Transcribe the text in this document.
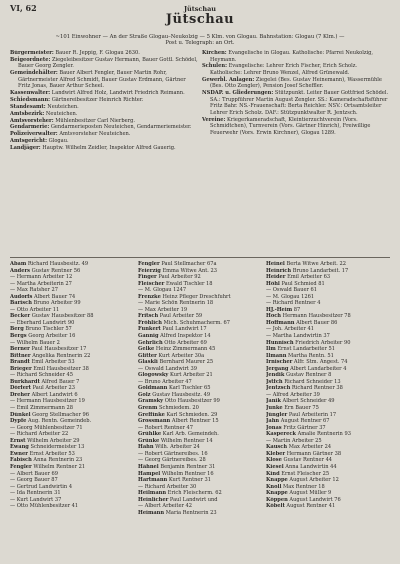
VI, 62	Jütschau
Jütschau
~101 Einwohner — An der Straße Glogau–Neukolzig — 5 Klm. von Glogau. Bahnstation: Glogau (7 Klm.) — Post u. Telegraph: an Ort.
Bürgermeister: Bauer R. Jeppig, F. Glogau 2630.
Beigeordnete: Ziegeleibesitzer Gustav Hermann, Bauer Gottl. Schödel, Bauer Georg Zengler.
Gemeindehälter: Bauer Albert Fengler, Bauer Martin Rohr, Gärtnermeister Alfred Schmidt, Bauer Gustav Erdmann, Gärtner Fritz Jonas, Bauer Arthur Scheel.
Kassenwalter: Landwirt Alfred Holz, Landwirt Friedrich Reimann.
Schiedsmann: Gärtnereibesitzer Heinrich Richter.
Standesamt: Neuteichen.
Amtsbezirk: Neuteichen.
Amtsvorsteher: Mühlenbesitzer Carl Nierberg.
Gendarmerie: Gendarmerieposten Neuteichen, Gendarmeriemeister.
Polizeiverwalter: Amtsvorsteher Neuteichen.
Amtsgericht: Glogau.
Landjäger: Hauptw. Wilhelm Zeidler, Inspektor Alfred Gauerig.
Kirchen: Evangelische in Glogau. Katholische: Pfarrei Neukolzig, Heymann.
Schulen: Evangelische: Lehrer Erich Fischer, Erich Scholz. Katholische: Lehrer Bruno Wenzel, Alfred Grünewald.
Gewerbl. Anlagen: Ziegelei (Bes. Gustav Heinemann), Wassermühle (Bes. Otto Zengler), Pension Josef Scheffler.
NSDAP. u. Gliederungen: Stützpunkt. Leiter Bauer Gottfried Schödel. SA.: Truppführer Martin August Zengler. SS.: Kameradschaftsführer Fritz Bahr. NS.-Frauenschaft: Berta Reichler. NSV.: Ortsamtsleiter Lehrer Erich Scholz. DAF.: Stützpunktwalter R. Jentzsch.
Vereine: Kriegerkameradschaft, Kleintierzuchtverein (Vors. Schmidtchen), Turnverein (Vors. Gärtner Hinrich), Freiwillige Feuerwehr (Vors. Erwin Kirchner), Glogau 1289.
Abam Richard Hausbesitz. 49
Anders Gustav Rentner 56
— Hermann Arbeiter 12
— Martha Arbeiterin 27
— Max Ratsher 27
Audorfs Albert Bauer 74
Barisch Bruno Arbeiter 99
— Otto Arbeiter 11
Becker Gustav Hausbesitzer 88
— Eberhard Landwirt 90
Berg Bruno Tischler 57
Bergs Georg Arbeiter 16
— Wilhelm Bauer 2
Berner Paul Hausbesitzer 17
Bittner Angelika Rentnerin 22
Brandt Emil Arbeiter 53
Brieger Emil Hausbesitzer 38
— Richard Schneider 45
Burkhardt Alfred Bauer 7
Dörfert Paul Arbeiter 23
Dreher Albert Landwirt 6
— Hermann Hausbesitzer 19
— Emil Zimmermann 28
Dünkel Georg Stellmacher 96
Dypfe Aug. Rentn. Gemeindeb.
— Georg Mühlenbesitzer 71
— Richard Arbeiter 22
Ernst Wilhelm Arbeiter 29
Ewang Schneidermeister 13
Ewner Ernst Arbeiter 53
Fabisch Anna Rentnerin 23
Fengler Wilhelm Rentner 21
— Albert Bauer 69
— Georg Bauer 87
— Gertrud Landwirtin 4
— Ida Rentnerin 31
— Kurt Landwirt 37
— Otto Mühlenbesitzer 41
Fengler Paul Stellmacher 67a
Feierzig Emma Witwe Ant. 23
Finger Paul Arbeiter 92
Fleischer Ewald Tischler 18
— M. Glogau 1247
Frenzke Heinz Pfleger Dreschfuhrt
— Marie Schön Rentnerin 18
— Max Arbeiter 19
Fritsch Paul Arbeiter 59
Fröhlich Mich. Schuhmacherm. 67
Funkert Paul Landwirt 17
Gannig Alfred Inspektor 14
Gehrlich Otto Arbeiter 69
Gelke Heinz Zimmermann 45
Glitter Kurt Arbeiter 30a
Glaskli Bernhard Maurer 25
— Oswald Landwirt 39
Glogowsky Kurt Arbeiter 21
— Bruno Arbeiter 47
Goldmann Karl Tischler 65
Golz Gustav Hausbesitz. 49
Gramsky Otto Hausbesitzer 99
Grenm Schmiedem. 20
Greffinke Karl Schmieden. 29
Grossmann Albert Rentner 15
— Robert Rentner 47
Grühlke Karl Arb. Gemeindeh.
Grünke Wilhelm Rentner 14
Hahn Wilh. Arbeiter 24
— Robert Gärtnereibes. 16
— Georg Gärtnereibes. 28
Hähnel Benjamin Rentner 31
Hampel Wilhelm Rentner 16
Hartmann Kurt Rentner 31
— Richard Arbeiter 30
Heilmann Erich Fleischerm. 62
Heinlicher Paul Landwirt und
— Albert Arbeiter 42
Heimann Maria Rentnerin 23
Heinel Berta Witwe Arbeit. 22
Heinrich Bruno Landarbeit. 17
Heider Emil Arbeiter 63
Höhl Paul Schmied 81
— Oswald Bauer 61
— M. Glogau 1261
— Richard Rentner 4
HJ.-Heim 87
Hoch Hermann Hausbesitzer 78
Hoffmann Albert Bauer 86
— Joh. Arbeiter 41
— Martha Landwirtin 37
Hunnisch Friedrich Arbeiter 90
Ilm Ernst Landarbeiter 51
Ilmann Martha Rentn. 51
Irnischer Alfr. Stm. Angest. 74
Jergang Albert Landarbeiter 4
Jendik Gustav Rentner 8
Jstfch Richard Schneider 13
Jentzsch Richard Rentner 38
— Alfred Arbeiter 39
Janik Albert Schneider 49
Junke Ern Bauer 75
Jüngler Paul Arbeiterin 17
Jahn August Rentner 67
Jonas Fritz Gärtner 37
Kaspereck Amalie Rentnerin 93
— Martin Arbeiter 25
Kausch Max Arbeiter 24
Kleber Hermann Gärtner 38
Klose Gustav Rentner 44
Kiesel Anna Landwirtin 44
Kind Ernst Fleischer 25
Knappe August Arbeiter 12
Knoll Max Rentner 18
Knappe August Müller 9
Köppen August Landwirt 76
Köbelt August Rentner 41
